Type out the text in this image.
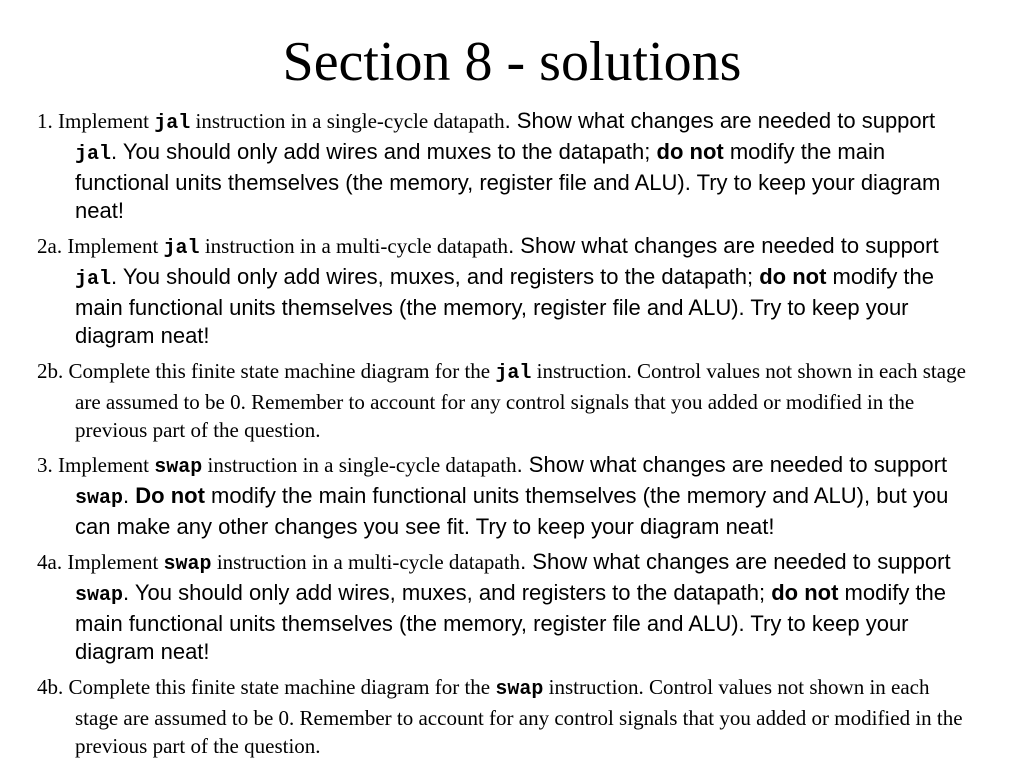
Section 8 - solutions
1. Implement jal instruction in a single-cycle datapath. Show what changes are needed to support jal. You should only add wires and muxes to the datapath; do not modify the main functional units themselves (the memory, register file and ALU). Try to keep your diagram neat!
2a. Implement jal instruction in a multi-cycle datapath. Show what changes are needed to support jal. You should only add wires, muxes, and registers to the datapath; do not modify the main functional units themselves (the memory, register file and ALU). Try to keep your diagram neat!
2b. Complete this finite state machine diagram for the jal instruction. Control values not shown in each stage are assumed to be 0. Remember to account for any control signals that you added or modified in the previous part of the question.
3. Implement swap instruction in a single-cycle datapath. Show what changes are needed to support swap. Do not modify the main functional units themselves (the memory and ALU), but you can make any other changes you see fit. Try to keep your diagram neat!
4a. Implement swap instruction in a multi-cycle datapath. Show what changes are needed to support swap. You should only add wires, muxes, and registers to the datapath; do not modify the main functional units themselves (the memory, register file and ALU). Try to keep your diagram neat!
4b. Complete this finite state machine diagram for the swap instruction. Control values not shown in each stage are assumed to be 0. Remember to account for any control signals that you added or modified in the previous part of the question.
